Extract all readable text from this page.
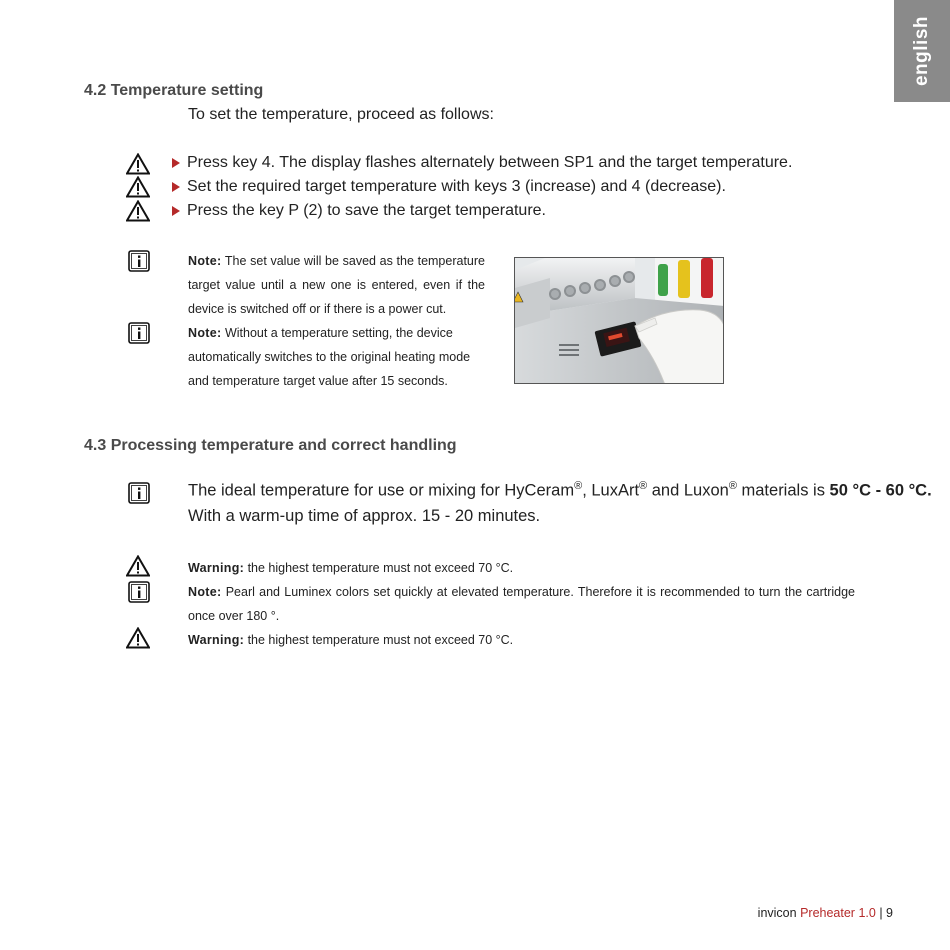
english
4.2 Temperature setting
To set the temperature, proceed as follows:
Press key 4. The display flashes alternately between SP1 and the target temperature.
Set the required target temperature with keys 3 (increase) and 4 (decrease).
Press the key P (2) to save the target temperature.
Note: The set value will be saved as the temperature target value until a new one is entered, even if the device is switched off or if there is a power cut.
Note: Without a temperature setting, the device automatically switches to the original heating mode and temperature target value after 15 seconds.
4.3 Processing temperature and correct handling
The ideal temperature for use or mixing for HyCeram®, LuxArt® and Luxon® materials is 50 °C - 60 °C.
With a warm-up time of approx. 15 - 20 minutes.
Warning: the highest temperature must not exceed 70 °C.
Note: Pearl and Luminex colors set quickly at elevated temperature. Therefore it is recommended to turn the cartridge once over 180 °.
Warning: the highest temperature must not exceed 70 °C.
invicon Preheater 1.0 | 9
